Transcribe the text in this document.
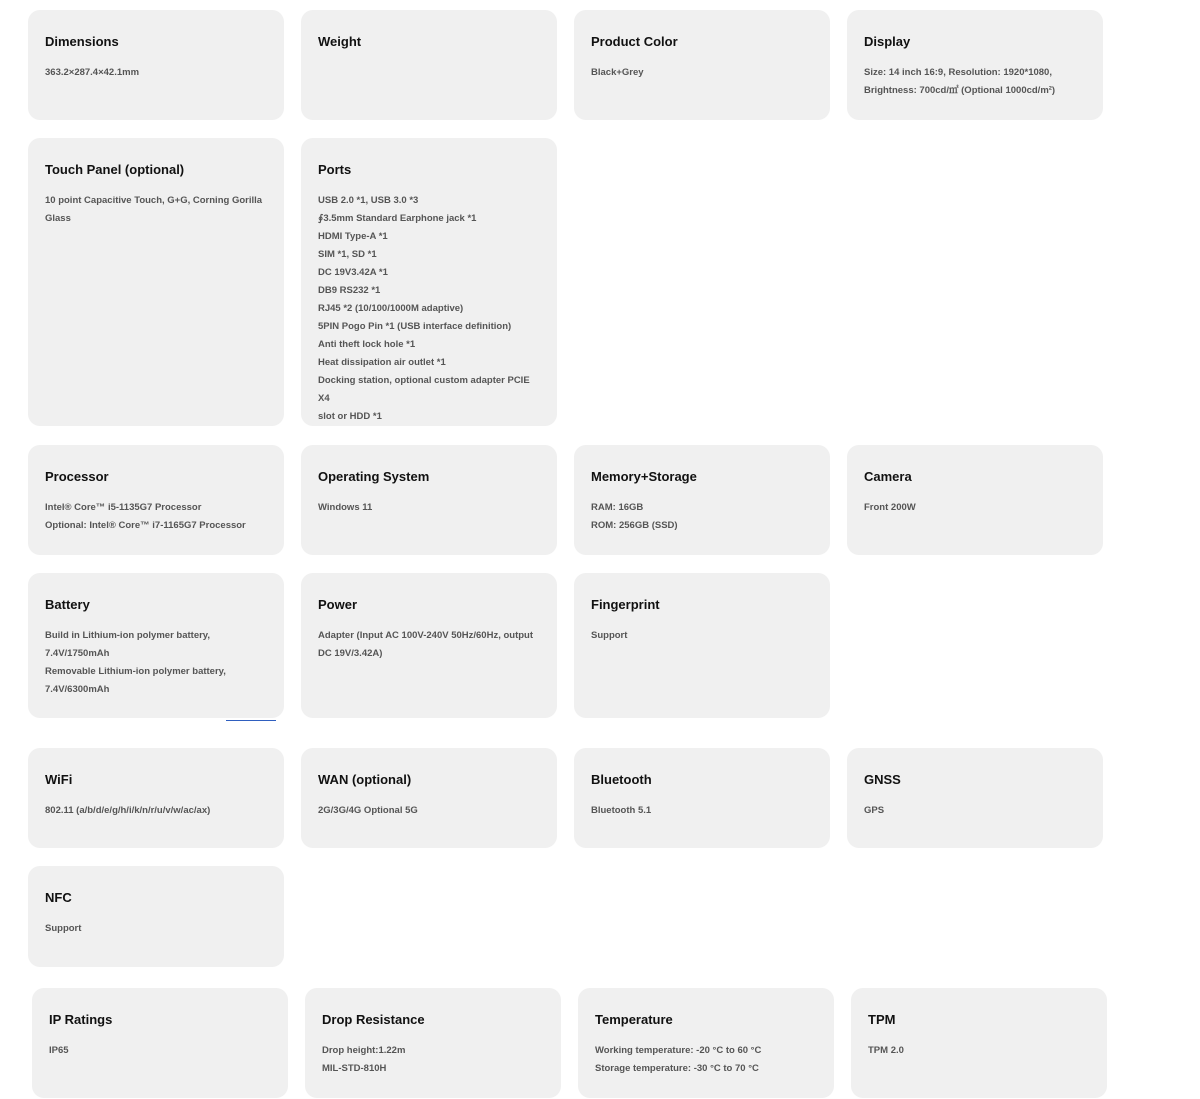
Dimensions
363.2×287.4×42.1mm
Weight	Product Color
Black+Grey
Display
Size: 14 inch 16:9, Resolution: 1920*1080,
Brightness: 700cd/㎡ (Optional 1000cd/m²)
Touch Panel (optional)
10 point Capacitive Touch, G+G, Corning Gorilla
Glass
Ports
USB 2.0 *1, USB 3.0 *3
∮3.5mm Standard Earphone jack *1
HDMI Type-A *1
SIM *1, SD *1
DC 19V3.42A *1
DB9 RS232 *1
RJ45 *2 (10/100/1000M adaptive)
5PIN Pogo Pin *1 (USB interface definition)
Anti theft lock hole *1
Heat dissipation air outlet *1
Docking station, optional custom adapter PCIE X4
slot or HDD *1
Processor
Intel® Core™ i5-1135G7 Processor
Optional: Intel® Core™ i7-1165G7 Processor
Operating System
Windows 11
Memory+Storage
RAM: 16GB
ROM: 256GB (SSD)
Camera
Front 200W
Battery
Build in Lithium-ion polymer battery,
7.4V/1750mAh
Removable Lithium-ion polymer battery,
7.4V/6300mAh
Power
Adapter (Input AC 100V-240V 50Hz/60Hz, output
DC 19V/3.42A)
Fingerprint
Support
WiFi
802.11 (a/b/d/e/g/h/i/k/n/r/u/v/w/ac/ax)
WAN (optional)
2G/3G/4G Optional 5G
Bluetooth
Bluetooth 5.1
GNSS
GPS
NFC
Support
IP Ratings
IP65
Drop Resistance
Drop height:1.22m
MIL-STD-810H
Temperature
Working temperature: -20 °C to 60 °C
Storage temperature: -30 °C to 70 °C
TPM
TPM 2.0
